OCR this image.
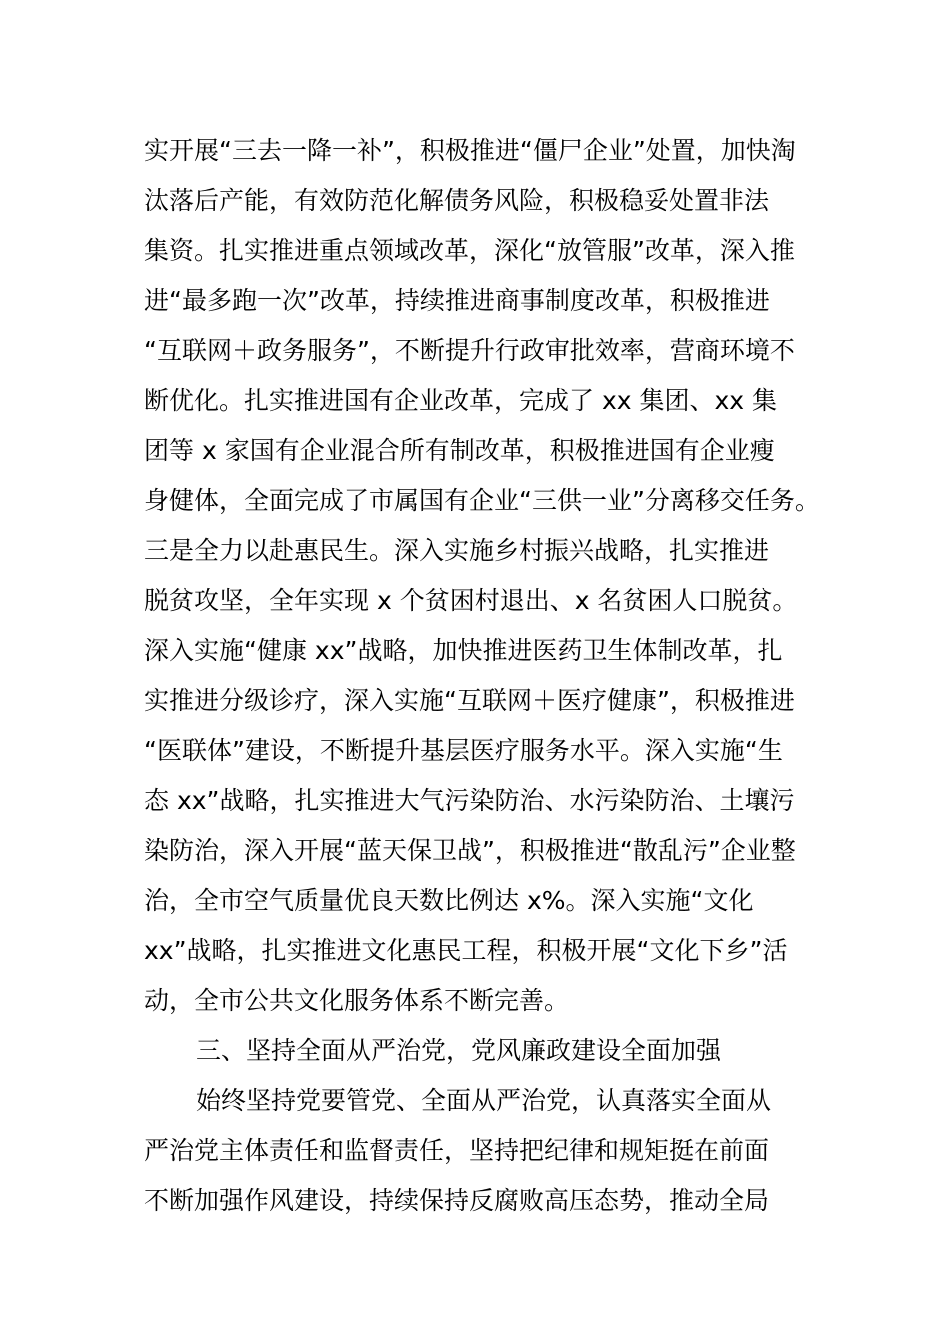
实开展“三去一降一补”，积极推进“僵尸企业”处置，加快淘
汰落后产能，有效防范化解债务风险，积极稳妥处置非法
集资。扎实推进重点领域改革，深化“放管服”改革，深入推
进“最多跑一次”改革，持续推进商事制度改革，积极推进
“互联网＋政务服务”，不断提升行政审批效率，营商环境不
断优化。扎实推进国有企业改革，完成了 xx 集团、xx 集
团等 x 家国有企业混合所有制改革，积极推进国有企业瘦
身健体，全面完成了市属国有企业“三供一业”分离移交任务。
三是全力以赴惠民生。深入实施乡村振兴战略，扎实推进
脱贫攻坚，全年实现 x 个贫困村退出、x 名贫困人口脱贫。
深入实施“健康 xx”战略，加快推进医药卫生体制改革，扎
实推进分级诊疗，深入实施“互联网＋医疗健康”，积极推进
“医联体”建设，不断提升基层医疗服务水平。深入实施“生
态 xx”战略，扎实推进大气污染防治、水污染防治、土壤污
染防治，深入开展“蓝天保卫战”，积极推进“散乱污”企业整
治，全市空气质量优良天数比例达 x%。深入实施“文化
xx”战略，扎实推进文化惠民工程，积极开展“文化下乡”活
动，全市公共文化服务体系不断完善。
三、坚持全面从严治党，党风廉政建设全面加强
始终坚持党要管党、全面从严治党，认真落实全面从
严治党主体责任和监督责任，坚持把纪律和规矩挺在前面
不断加强作风建设，持续保持反腐败高压态势，推动全局
